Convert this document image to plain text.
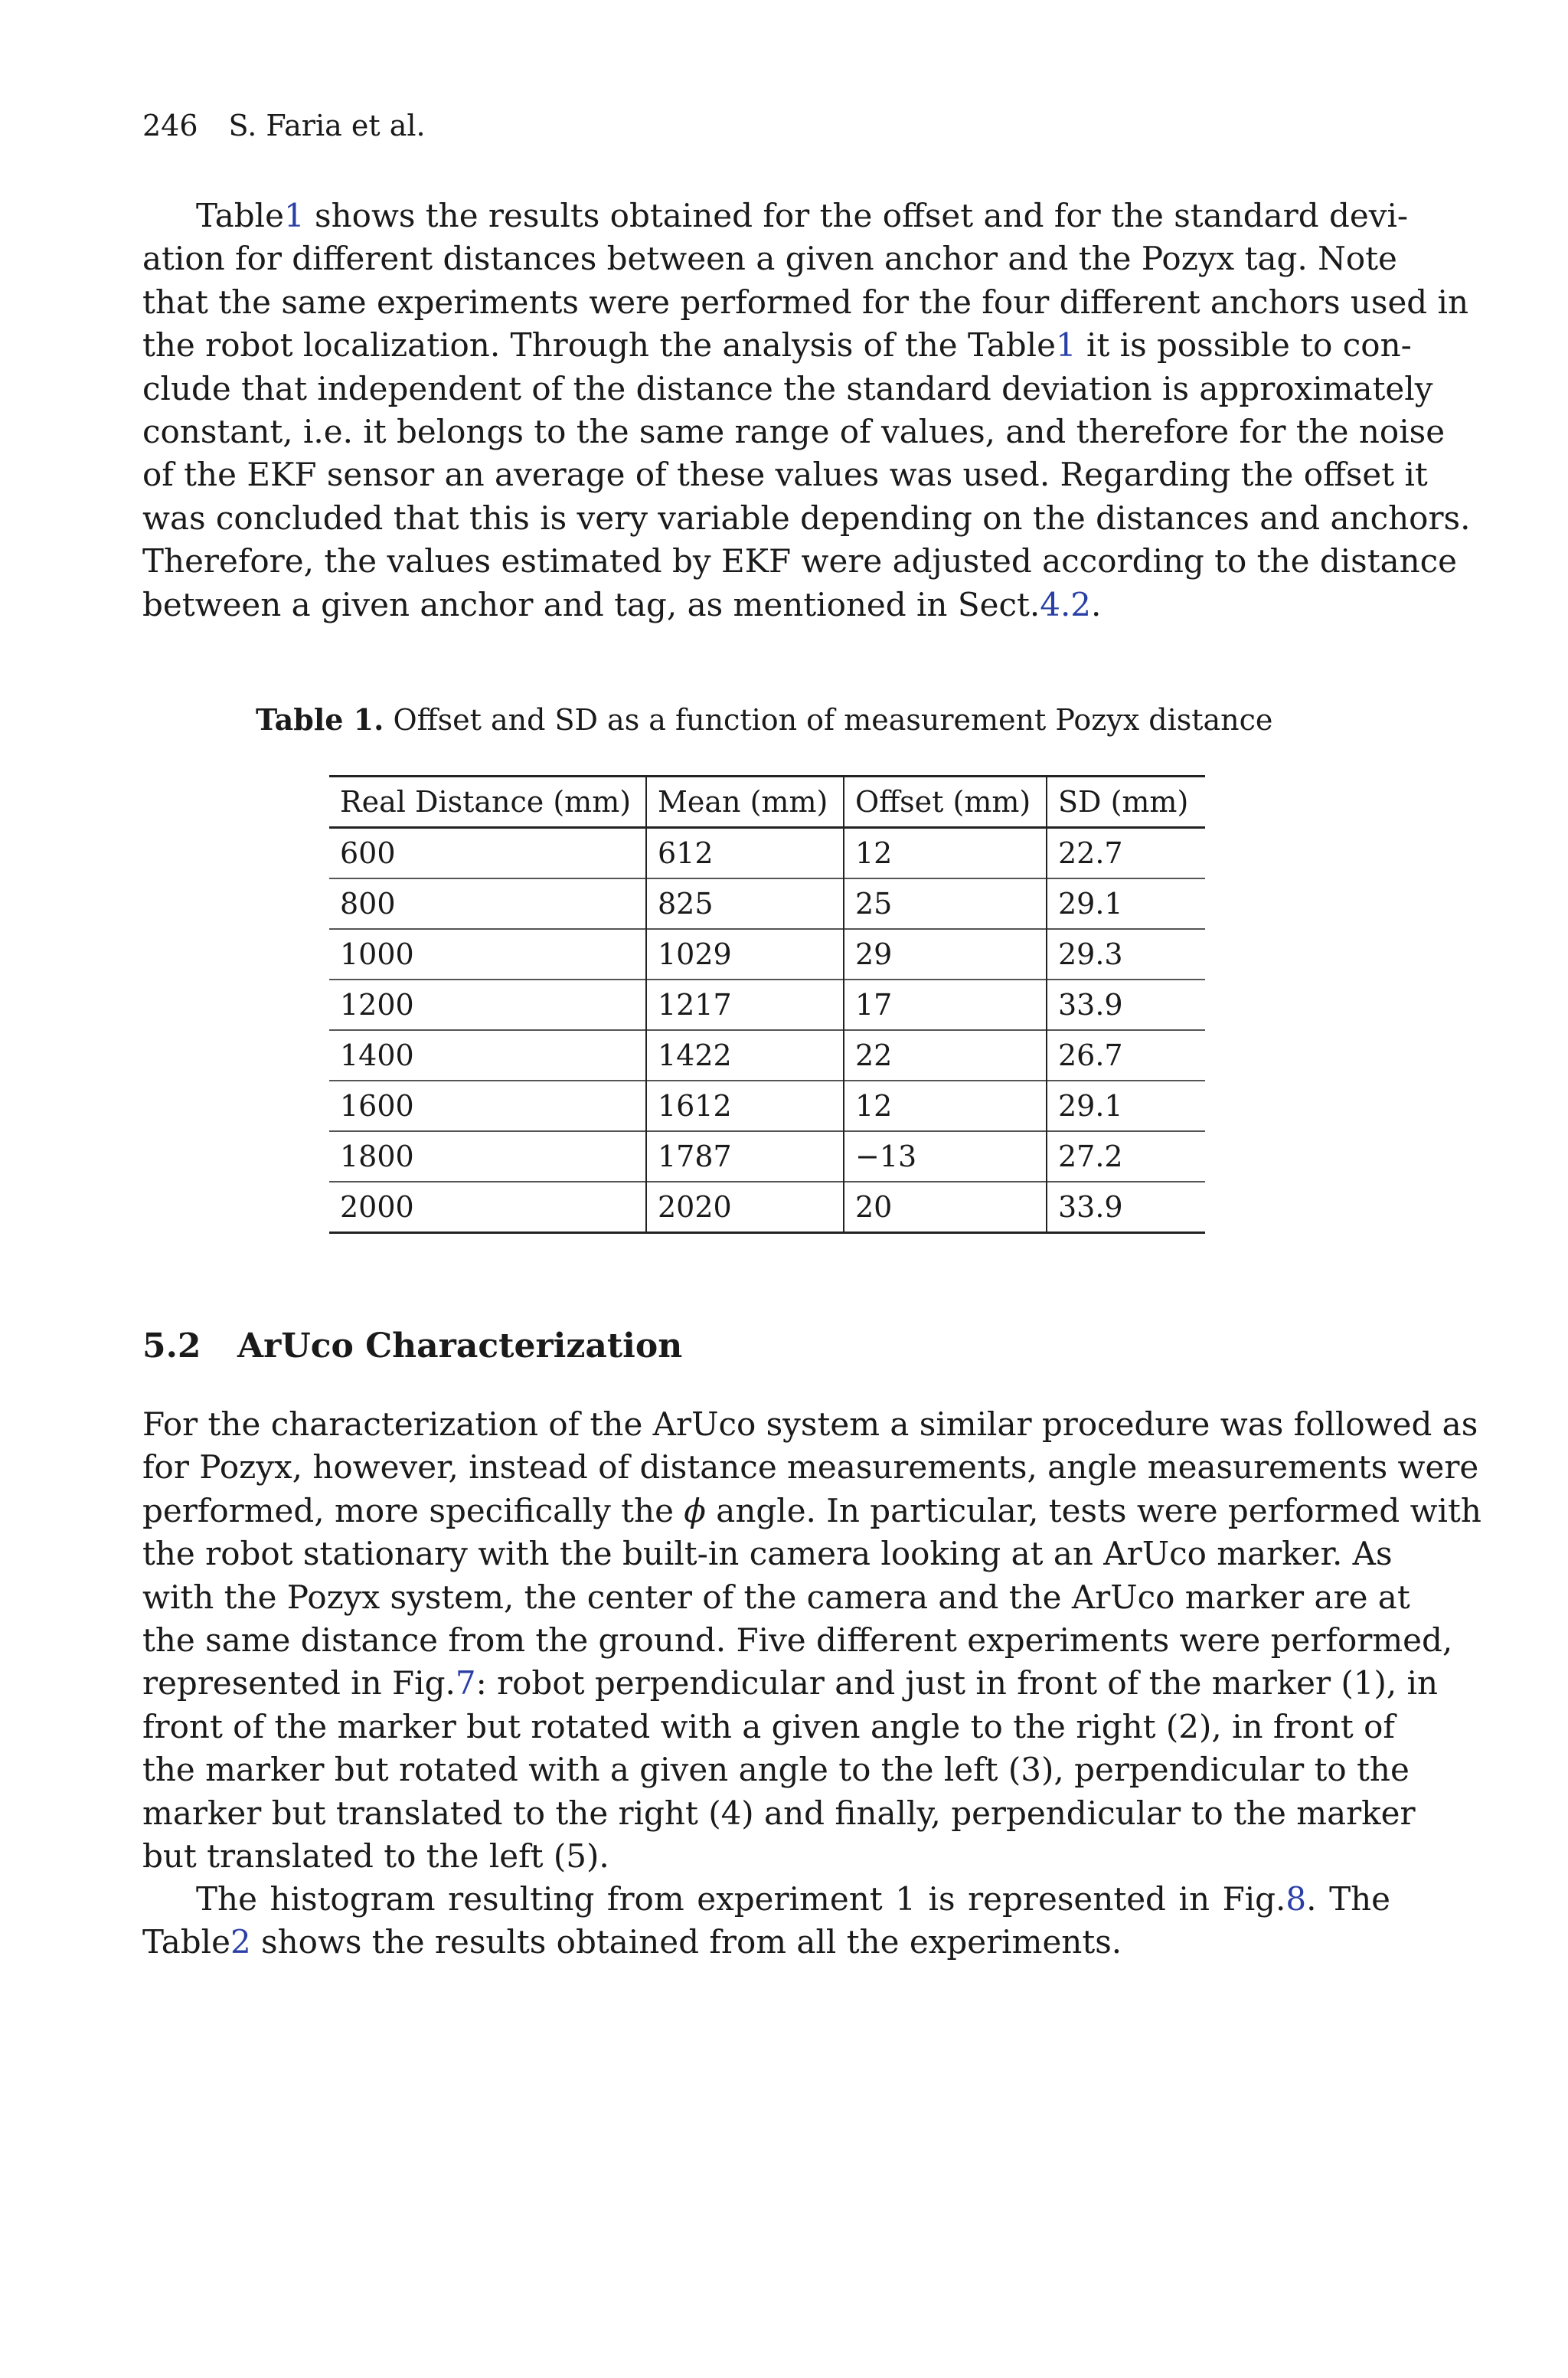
246 S. Faria et al.
Table1 shows the results obtained for the offset and for the standard devi-
ation for different distances between a given anchor and the Pozyx tag. Note
that the same experiments were performed for the four different anchors used in
the robot localization. Through the analysis of the Table1 it is possible to con-
clude that independent of the distance the standard deviation is approximately
constant, i.e. it belongs to the same range of values, and therefore for the noise
of the EKF sensor an average of these values was used. Regarding the offset it
was concluded that this is very variable depending on the distances and anchors.
Therefore, the values estimated by EKF were adjusted according to the distance
between a given anchor and tag, as mentioned in Sect.4.2.
Table 1. Offset and SD as a function of measurement Pozyx distance
Real Distance (mm)	Mean (mm)	Offset (mm)	SD (mm)
600	612	12	22.7
800	825	25	29.1
1000	1029	29	29.3
1200	1217	17	33.9
1400	1422	22	26.7
1600	1612	12	29.1
1800	1787	−13	27.2
2000	2020	20	33.9
5.2 ArUco Characterization
For the characterization of the ArUco system a similar procedure was followed as
for Pozyx, however, instead of distance measurements, angle measurements were
performed, more specifically the ϕ angle. In particular, tests were performed with
the robot stationary with the built-in camera looking at an ArUco marker. As
with the Pozyx system, the center of the camera and the ArUco marker are at
the same distance from the ground. Five different experiments were performed,
represented in Fig.7: robot perpendicular and just in front of the marker (1), in
front of the marker but rotated with a given angle to the right (2), in front of
the marker but rotated with a given angle to the left (3), perpendicular to the
marker but translated to the right (4) and finally, perpendicular to the marker
but translated to the left (5).
The histogram resulting from experiment 1 is represented in Fig.8. The
Table2 shows the results obtained from all the experiments.
